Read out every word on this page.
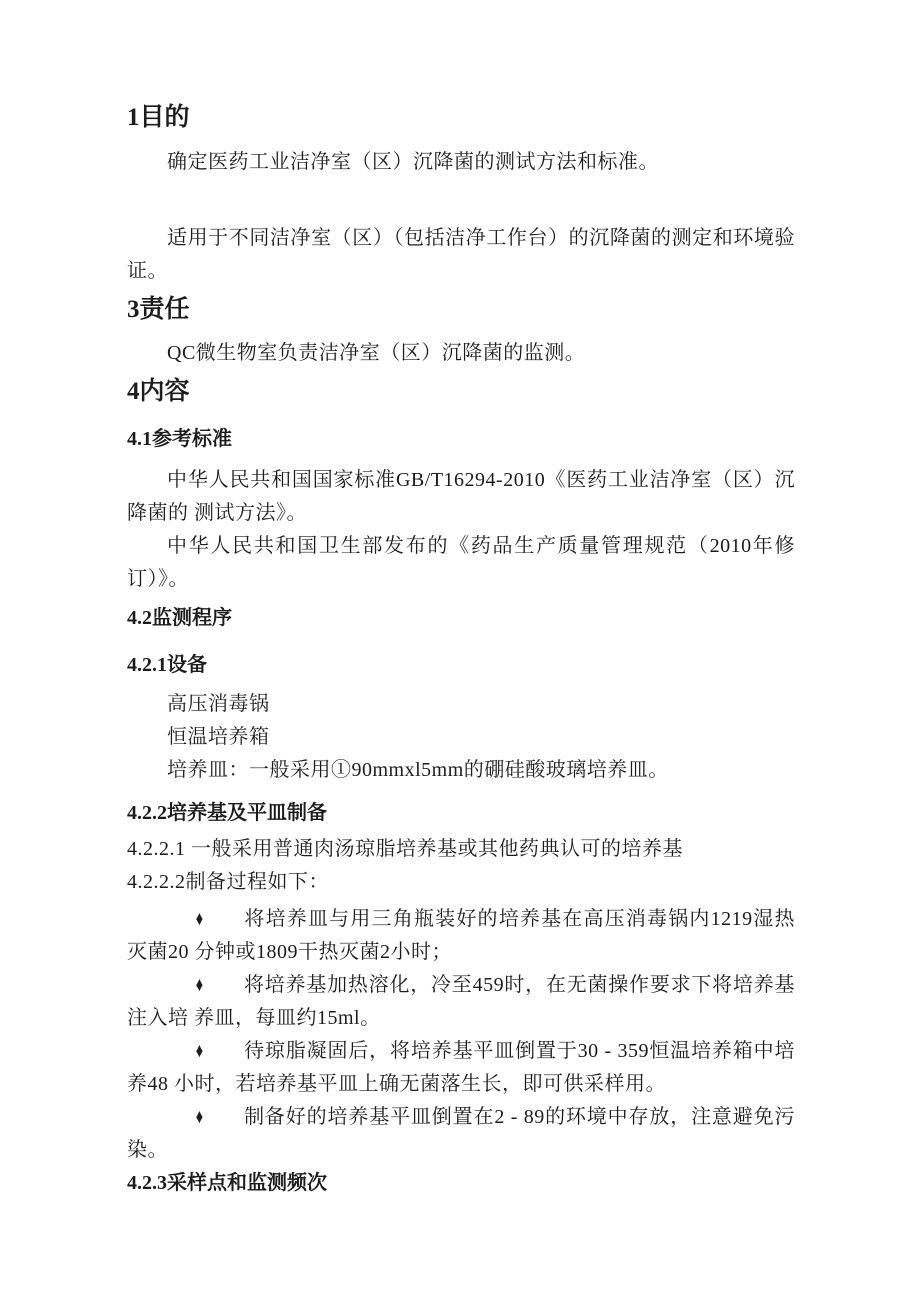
1目的

确定医药工业洁净室（区）沉降菌的测试方法和标准。

适用于不同洁净室（区）（包括洁净工作台）的沉降菌的测定和环境验证。

3责任

QC微生物室负责洁净室（区）沉降菌的监测。

4内容
4.1参考标准

中华人民共和国国家标准GB/T16294-2010《医药工业洁净室（区）沉降菌的 测试方法》。

中华人民共和国卫生部发布的《药品生产质量管理规范（2010年修订）》。

4.2监测程序
4.2.1设备

高压消毒锅

恒温培养箱

培养皿：一般采用①90mmxl5mm的硼硅酸玻璃培养皿。

4.2.2培养基及平皿制备

4.2.2.1 一般采用普通肉汤琼脂培养基或其他药典认可的培养基

4.2.2.2制备过程如下：

♦ 将培养皿与用三角瓶装好的培养基在高压消毒锅内1219湿热灭菌20 分钟或1809干热灭菌2小时；

♦ 将培养基加热溶化，冷至459时，在无菌操作要求下将培养基注入培 养皿，每皿约15ml。

♦ 待琼脂凝固后，将培养基平皿倒置于30 - 359恒温培养箱中培养48 小时，若培养基平皿上确无菌落生长，即可供采样用。

♦ 制备好的培养基平皿倒置在2 - 89的环境中存放，注意避免污染。

4.2.3采样点和监测频次
